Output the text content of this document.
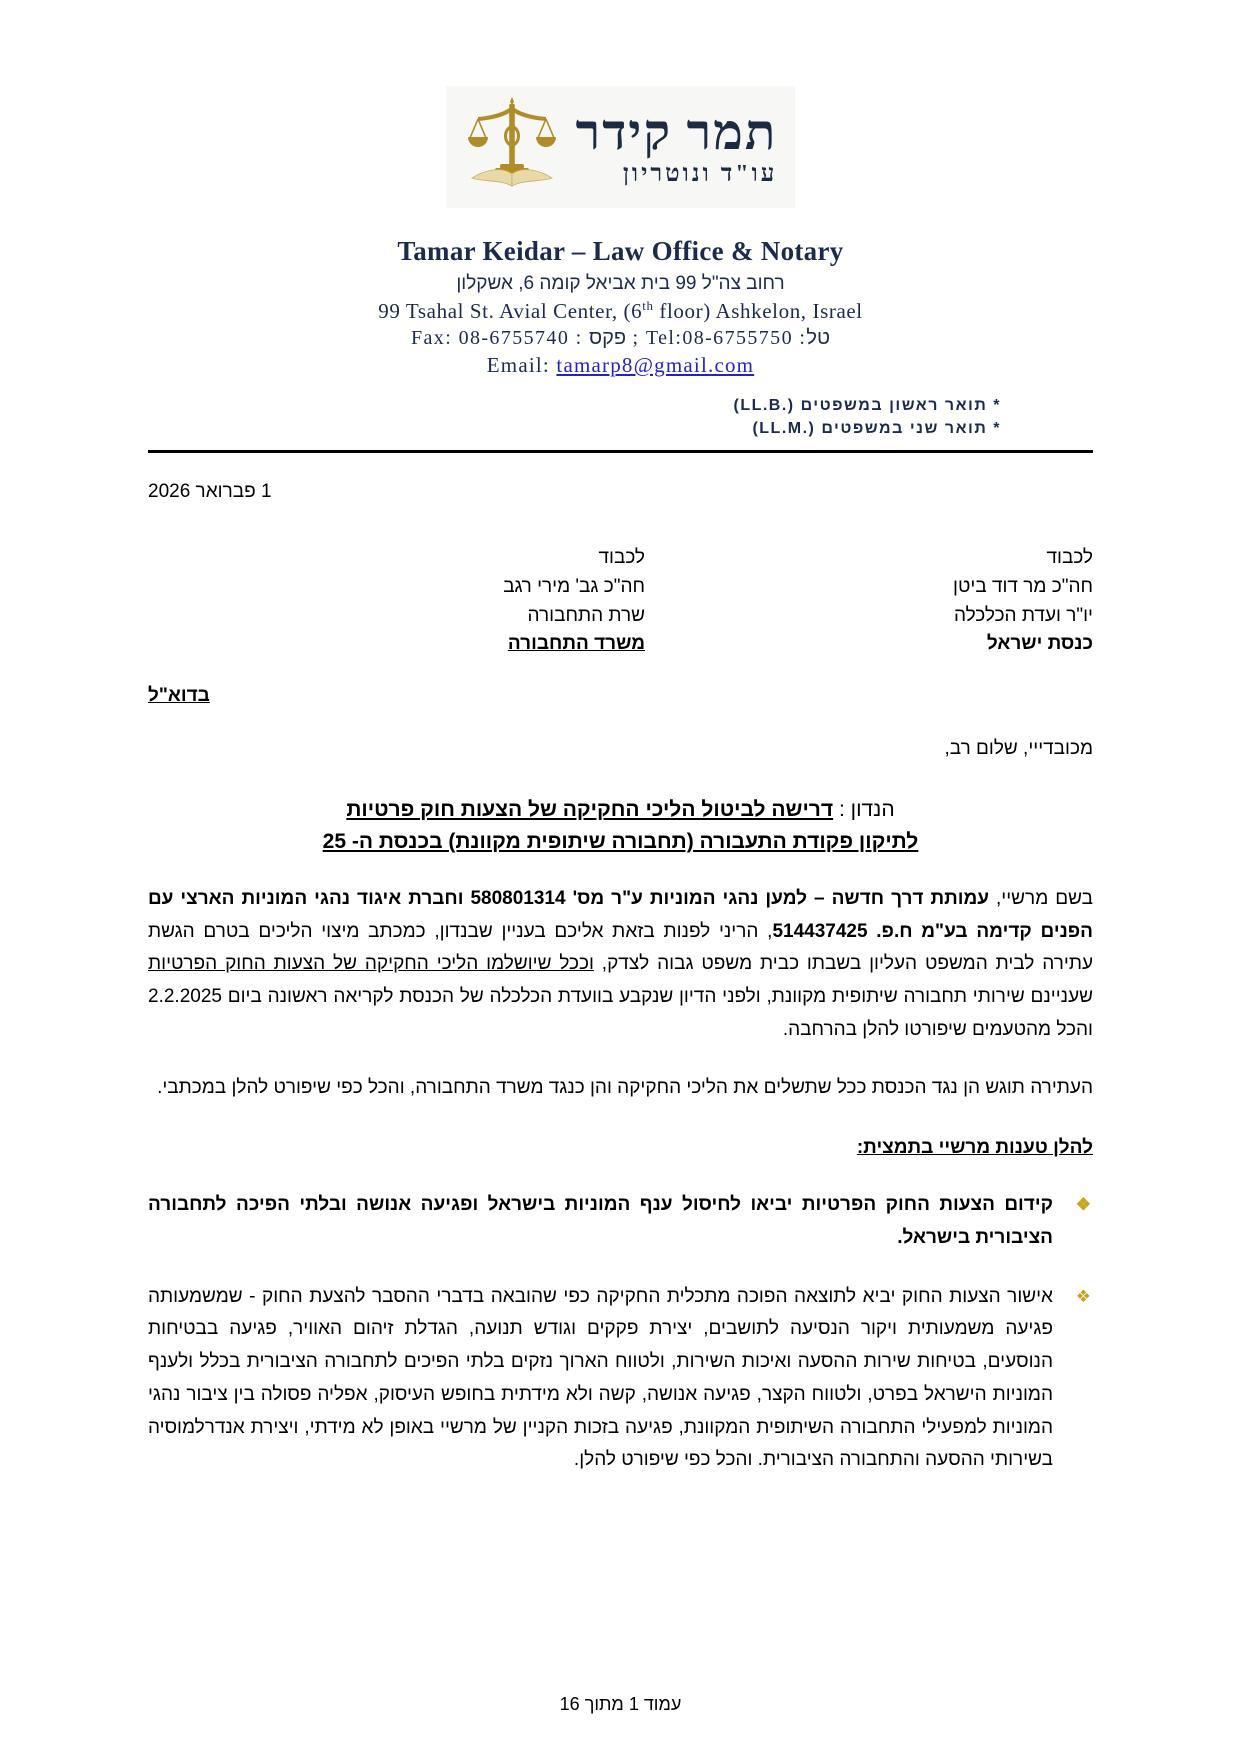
תמר קידר
עו"ד ונוטריון
Tamar Keidar – Law Office & Notary
רחוב צה"ל 99 בית אביאל קומה 6, אשקלון
99 Tsahal St. Avial Center, (6th floor) Ashkelon, Israel
Fax: 08-6755740 : פקס ; Tel:08-6755750 :טל
Email: tamarp8@gmail.com
* תואר ראשון במשפטים (.LL.B)
* תואר שני במשפטים (.LL.M)
1 פברואר 2026
לכבוד
חה"כ מר דוד ביטן
יו"ר ועדת הכלכלה
כנסת ישראל
לכבוד
חה"כ גב' מירי רגב
שרת התחבורה
משרד התחבורה
בדוא"ל
מכובדייי, שלום רב,
הנדון : דרישה לביטול הליכי החקיקה של הצעות חוק פרטיות
לתיקון פקודת התעבורה (תחבורה שיתופית מקוונת) בכנסת ה- 25

בשם מרשיי, עמותת דרך חדשה – למען נהגי המוניות ע"ר מס' 580801314 וחברת איגוד נהגי המוניות הארצי עם הפנים קדימה בע"מ ח.פ. 514437425, הריני לפנות בזאת אליכם בעניין שבנדון, כמכתב מיצוי הליכים בטרם הגשת עתירה לבית המשפט העליון בשבתו כבית משפט גבוה לצדק, וככל שיושלמו הליכי החקיקה של הצעות החוק הפרטיות שעניינם שירותי תחבורה שיתופית מקוונת, ולפני הדיון שנקבע בוועדת הכלכלה של הכנסת לקריאה ראשונה ביום 2.2.2025 והכל מהטעמים שיפורטו להלן בהרחבה.

העתירה תוגש הן נגד הכנסת ככל שתשלים את הליכי החקיקה והן כנגד משרד התחבורה, והכל כפי שיפורט להלן במכתבי.

להלן טענות מרשיי בתמצית:
❖
קידום הצעות החוק הפרטיות יביאו לחיסול ענף המוניות בישראל ופגיעה אנושה ובלתי הפיכה לתחבורה הציבורית בישראל.
❖
אישור הצעות החוק יביא לתוצאה הפוכה מתכלית החקיקה כפי שהובאה בדברי ההסבר להצעת החוק - שמשמעותה פגיעה משמעותית ויקור הנסיעה לתושבים, יצירת פקקים וגודש תנועה, הגדלת זיהום האוויר, פגיעה בבטיחות הנוסעים, בטיחות שירות ההסעה ואיכות השירות, ולטווח הארוך נזקים בלתי הפיכים לתחבורה הציבורית בכלל ולענף המוניות הישראל בפרט, ולטווח הקצר, פגיעה אנושה, קשה ולא מידתית בחופש העיסוק, אפליה פסולה בין ציבור נהגי המוניות למפעילי התחבורה השיתופית המקוונת, פגיעה בזכות הקניין של מרשיי באופן לא מידתי, ויצירת אנדרלמוסיה בשירותי ההסעה והתחבורה הציבורית. והכל כפי שיפורט להלן.
עמוד 1 מתוך 16
